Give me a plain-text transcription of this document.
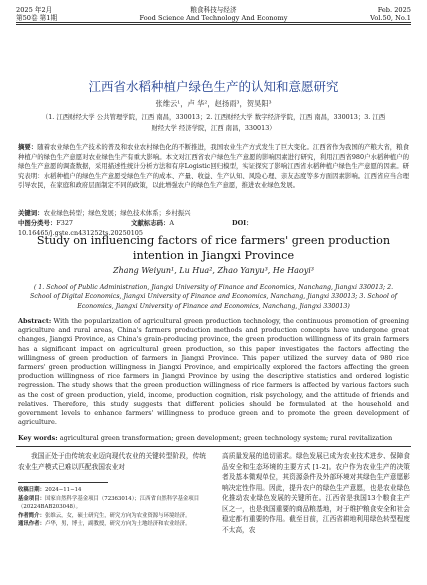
2025 年2月
第50卷 第1期
粮食科技与经济
Food Science And Technology And Economy
Feb. 2025
Vol.50, No.1
江西省水稻种植户绿色生产的认知和意愿研究
张维云¹，卢 华²，赵扬雨³，贺昊阳³
（1. 江西财经大学 公共管理学院，江西 南昌，330013；2. 江西财经大学 数字经济学院，江西 南昌，330013；3. 江西财经大学 经济学院，江西 南昌，330013）
摘要：随着农业绿色生产技术的普及和农业农村绿色化的不断推进，我国农业生产方式发生了巨大变化。江西省作为我国的产粮大省，粮食种植户的绿色生产意愿对农业绿色生产有重大影响。本文对江西省农户绿色生产意愿的影响因素进行研究，利用江西省980户水稻种植户的绿色生产意愿的调查数据，采用描述性统计分析方法和有序Logistic回归模型，实证探究了影响江西省水稻种植户绿色生产意愿的因素。研究表明：水稻种植户的绿色生产意愿受绿色生产的成本、产量、收益、生产认知、风险心理、亲友态度等多方面因素影响。江西省应当合理引导农民，在家庭和政府层面制定不同的政策，以此增强农户的绿色生产意愿，推进农业绿色发展。
关键词：农业绿色转型；绿色发展；绿色技术体系；乡村振兴
中图分类号：F327	文献标志码：A	DOI：10.16465/j.gste.cn431252ts.20250105
Study on influencing factors of rice farmers' green production intention in Jiangxi Province
Zhang Weiyun¹, Lu Hua², Zhao Yanyu³, He Haoyi³
( 1. School of Public Administration, Jiangxi University of Finance and Economics, Nanchang, Jiangxi 330013; 2. School of Digital Economics, Jiangxi University of Finance and Economics, Nanchang, Jiangxi 330013; 3. School of Economics, Jiangxi University of Finance and Economics, Nanchang, Jiangxi 330013)
Abstract: With the popularization of agricultural green production technology, the continuous promotion of greening agriculture and rural areas, China's farmers production methods and production concepts have undergone great changes, Jiangxi Province, as China's grain-producing province, the green production willingness of its grain farmers has a significant impact on agricultural green production, so this paper investigates the factors affecting the willingness of green production of farmers in Jiangxi Province. This paper utilized the survey data of 980 rice farmers' green production willingness in Jiangxi Province, and empirically explored the factors affecting the green production willingness of rice farmers in Jiangxi Province by using the descriptive statistics and ordered logistic regression. The study shows that the green production willingness of rice farmers is affected by various factors such as the cost of green production, yield, income, production cognition, risk psychology, and the attitude of friends and relatives. Therefore, this study suggests that different policies should be formulated at the household and government levels to enhance farmers' willingness to produce green and to promote the green development of agriculture.
Key words: agricultural green transformation; green development; green technology system; rural revitalization
我国正处于由传统农业迈向现代农业的关键转型阶段，传统农业生产模式已难以匹配我国农业对
收稿日期：2024−11−14
基金项目：国家自然科学基金项目（72363014）；江西省自然科学基金项目（20224BAB203048）。
作者简介：张维云，女，硕士研究生，研究方向为农业资源与环境经济。
通讯作者：卢华，男，博士，副教授，研究方向为土地经济和农业经济。
高质量发展的追切需求。绿色发展已成为农业技术进步、保障食品安全和生态环境的主要方式 [1-2]。农户作为农业生产的决策者及基本微观单位，其资源条件及外部环境对其绿色生产意愿影响决定性作用。因此，提升农户的绿色生产意愿，也是农业绿色化推动农业绿色发展的关键所在。江西省是我国13个粮食主产区之一，也是我国重要的商品粮基地，对于维护粮食安全和社会稳定都有重要的作用。截至目前，江西省耕地利用绿色转型程度不太高，农
